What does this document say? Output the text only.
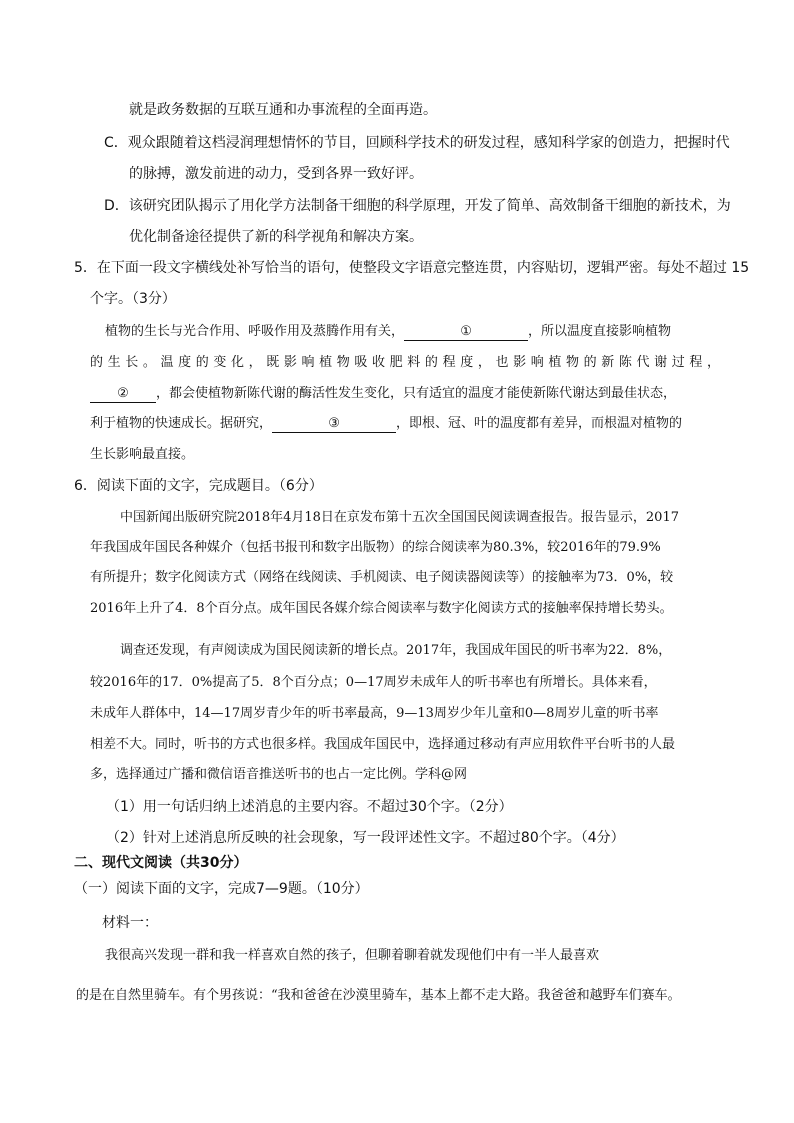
就是政务数据的互联互通和办事流程的全面再造。
C．观众跟随着这档浸润理想情怀的节目，回顾科学技术的研发过程，感知科学家的创造力，把握时代
的脉搏，激发前进的动力，受到各界一致好评。
D．该研究团队揭示了用化学方法制备干细胞的科学原理，开发了简单、高效制备干细胞的新技术，为
优化制备途径提供了新的科学视角和解决方案。
5．在下面一段文字横线处补写恰当的语句，使整段文字语意完整连贯，内容贴切，逻辑严密。每处不超过 15
个字。（3分）
植物的生长与光合作用、呼吸作用及蒸腾作用有关，	①	，所以温度直接影响植物
的生长。温度的变化，既影响植物吸收肥料的程度，也影响植物的新陈代谢过程，
② ，都会使植物新陈代谢的酶活性发生变化，只有适宜的温度才能使新陈代谢达到最佳状态，
利于植物的快速成长。据研究，	③	，即根、冠、叶的温度都有差异，而根温对植物的
生长影响最直接。
6．阅读下面的文字，完成题目。（6分）
中国新闻出版研究院2018年4月18日在京发布第十五次全国国民阅读调查报告。报告显示，2017
年我国成年国民各种媒介（包括书报刊和数字出版物）的综合阅读率为80.3%，较2016年的79.9%
有所提升；数字化阅读方式（网络在线阅读、手机阅读、电子阅读器阅读等）的接触率为73．0%，较
2016年上升了4．8个百分点。成年国民各媒介综合阅读率与数字化阅读方式的接触率保持增长势头。
调查还发现，有声阅读成为国民阅读新的增长点。2017年，我国成年国民的听书率为22．8%，
较2016年的17．0%提高了5．8个百分点；0—17周岁未成年人的听书率也有所增长。具体来看，
未成年人群体中，14—17周岁青少年的听书率最高，9—13周岁少年儿童和0—8周岁儿童的听书率
相差不大。同时，听书的方式也很多样。我国成年国民中，选择通过移动有声应用软件平台听书的人最
多，选择通过广播和微信语音推送听书的也占一定比例。学科@网
（1）用一句话归纳上述消息的主要内容。不超过30个字。（2分）
（2）针对上述消息所反映的社会现象，写一段评述性文字。不超过80个字。（4分）
二、现代文阅读（共30分）
（一）阅读下面的文字，完成7—9题。（10分）
材料一：
我很高兴发现一群和我一样喜欢自然的孩子，但聊着聊着就发现他们中有一半人最喜欢
的是在自然里骑车。有个男孩说：“我和爸爸在沙漠里骑车，基本上都不走大路。我爸爸和越野车们赛车。
